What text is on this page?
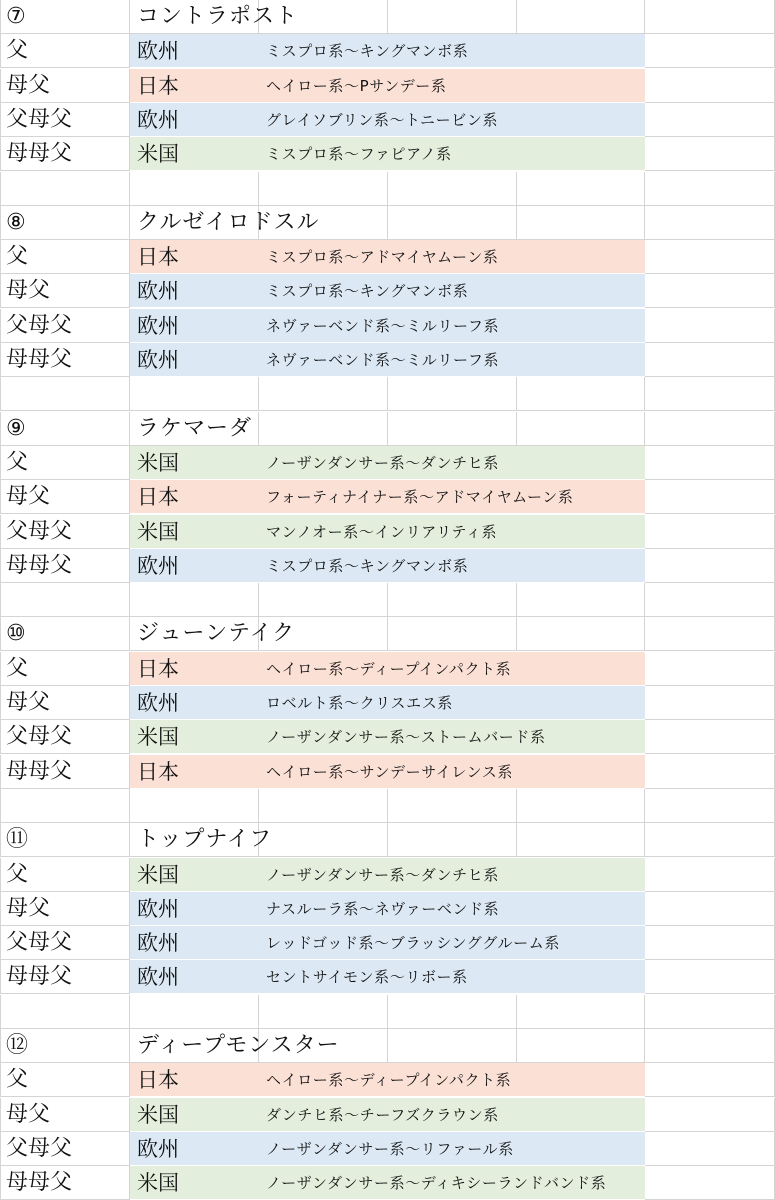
⑦	コントラポスト
父	欧州	ミスプロ系～キングマンボ系
母父	日本	ヘイロー系～Pサンデー系
父母父	欧州	グレイソブリン系～トニービン系
母母父	米国	ミスプロ系～ファピアノ系
⑧	クルゼイロドスル
父	日本	ミスプロ系～アドマイヤムーン系
母父	欧州	ミスプロ系～キングマンボ系
父母父	欧州	ネヴァーベンド系～ミルリーフ系
母母父	欧州	ネヴァーベンド系～ミルリーフ系
⑨	ラケマーダ
父	米国	ノーザンダンサー系～ダンチヒ系
母父	日本	フォーティナイナー系～アドマイヤムーン系
父母父	米国	マンノオー系～インリアリティ系
母母父	欧州	ミスプロ系～キングマンボ系
⑩	ジューンテイク
父	日本	ヘイロー系～ディープインパクト系
母父	欧州	ロベルト系～クリスエス系
父母父	米国	ノーザンダンサー系～ストームバード系
母母父	日本	ヘイロー系～サンデーサイレンス系
⑪	トップナイフ
父	米国	ノーザンダンサー系～ダンチヒ系
母父	欧州	ナスルーラ系～ネヴァーベンド系
父母父	欧州	レッドゴッド系～ブラッシンググルーム系
母母父	欧州	セントサイモン系～リボー系
⑫	ディープモンスター
父	日本	ヘイロー系～ディープインパクト系
母父	米国	ダンチヒ系～チーフズクラウン系
父母父	欧州	ノーザンダンサー系～リファール系
母母父	米国	ノーザンダンサー系～ディキシーランドバンド系
